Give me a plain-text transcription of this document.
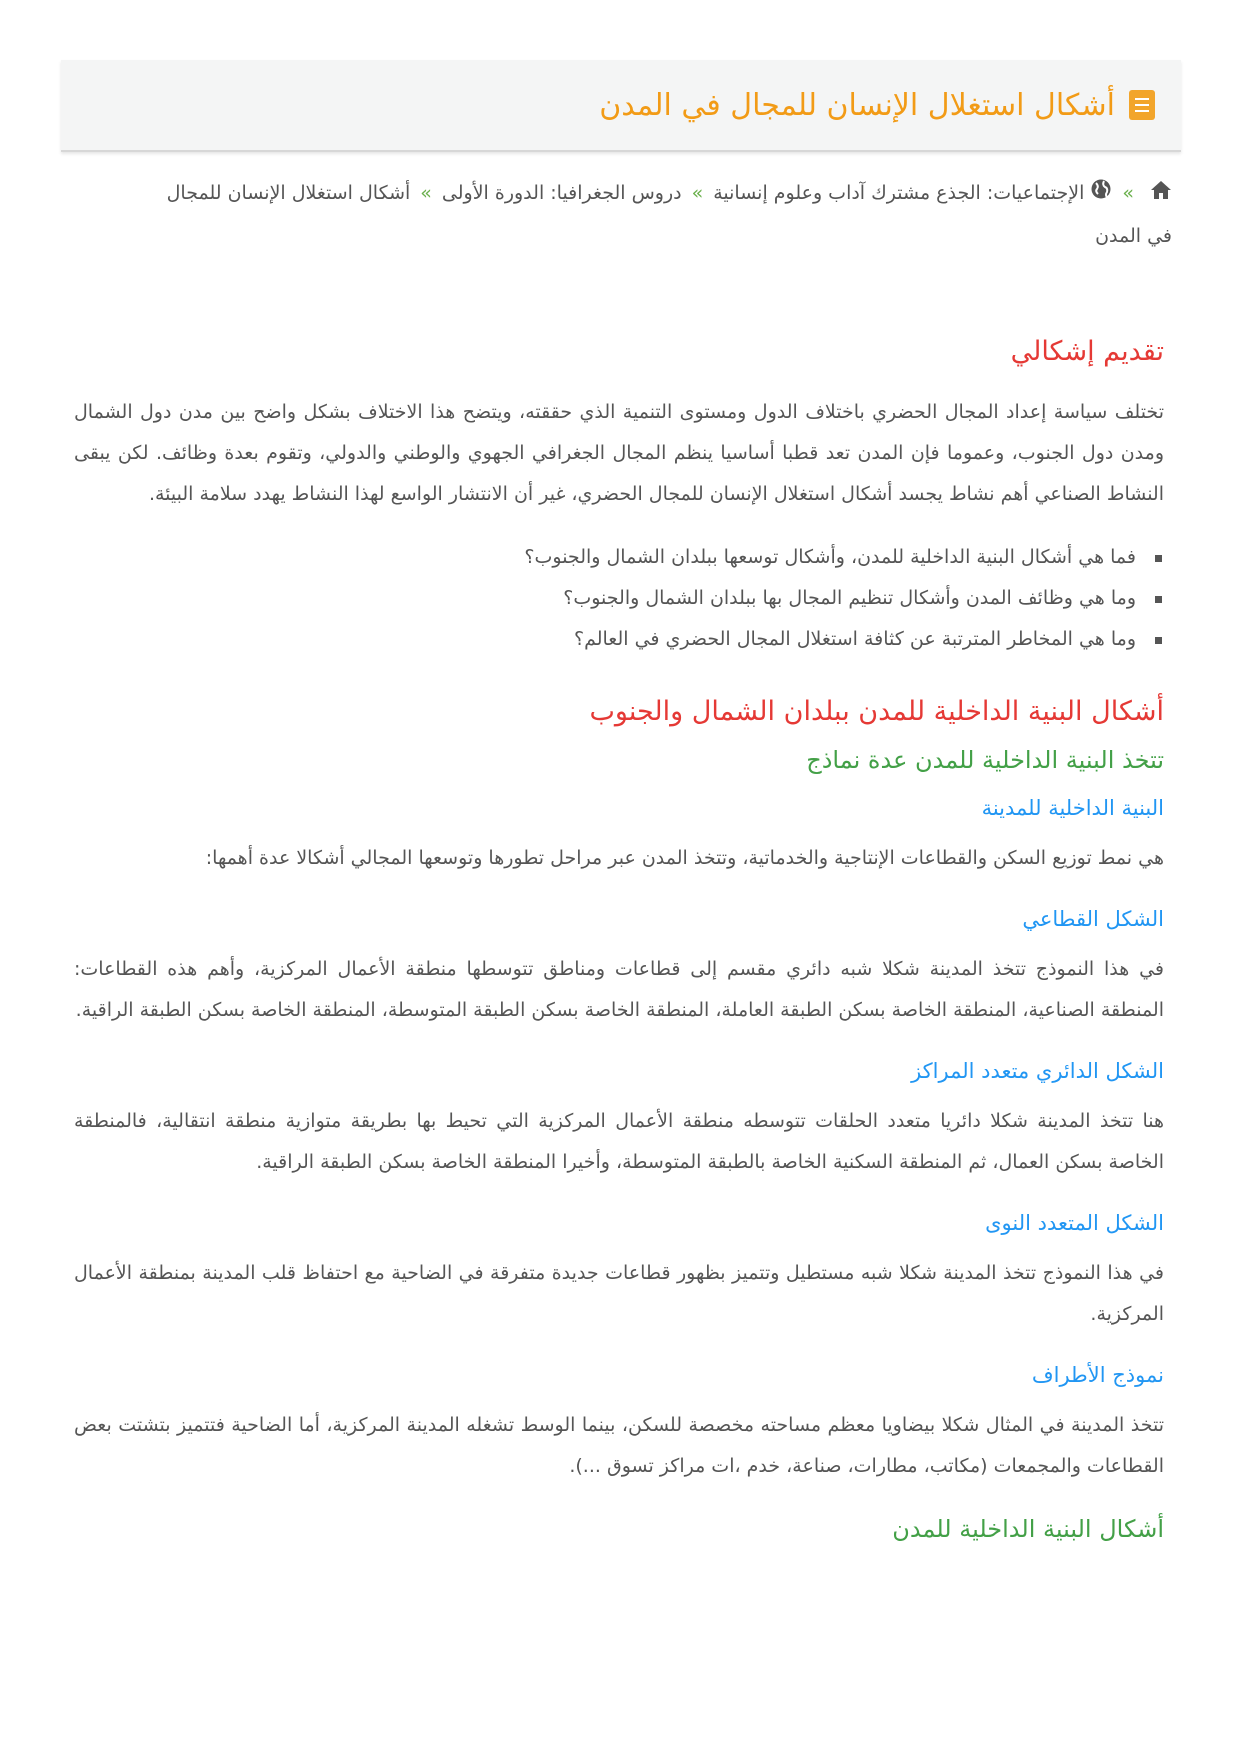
أشكال استغلال الإنسان للمجال في المدن
»الإجتماعيات: الجذع مشترك آداب وعلوم إنسانية»دروس الجغرافيا: الدورة الأولى»أشكال استغلال الإنسان للمجال في المدن
تقديم إشكالي

تختلف سياسة إعداد المجال الحضري باختلاف الدول ومستوى التنمية الذي حققته، ويتضح هذا الاختلاف بشكل واضح بين مدن دول الشمال ومدن دول الجنوب، وعموما فإن المدن تعد قطبا أساسيا ينظم المجال الجغرافي الجهوي والوطني والدولي، وتقوم بعدة وظائف. لكن يبقى النشاط الصناعي أهم نشاط يجسد أشكال استغلال الإنسان للمجال الحضري، غير أن الانتشار الواسع لهذا النشاط يهدد سلامة البيئة.

فما هي أشكال البنية الداخلية للمدن، وأشكال توسعها ببلدان الشمال والجنوب؟
وما هي وظائف المدن وأشكال تنظيم المجال بها ببلدان الشمال والجنوب؟
وما هي المخاطر المترتبة عن كثافة استغلال المجال الحضري في العالم؟
أشكال البنية الداخلية للمدن ببلدان الشمال والجنوب
تتخذ البنية الداخلية للمدن عدة نماذج
البنية الداخلية للمدينة

هي نمط توزيع السكن والقطاعات الإنتاجية والخدماتية، وتتخذ المدن عبر مراحل تطورها وتوسعها المجالي أشكالا عدة أهمها:

الشكل القطاعي

في هذا النموذج تتخذ المدينة شكلا شبه دائري مقسم إلى قطاعات ومناطق تتوسطها منطقة الأعمال المركزية، وأهم هذه القطاعات: المنطقة الصناعية، المنطقة الخاصة بسكن الطبقة العاملة، المنطقة الخاصة بسكن الطبقة المتوسطة، المنطقة الخاصة بسكن الطبقة الراقية.

الشكل الدائري متعدد المراكز

هنا تتخذ المدينة شكلا دائريا متعدد الحلقات تتوسطه منطقة الأعمال المركزية التي تحيط بها بطريقة متوازية منطقة انتقالية، فالمنطقة الخاصة بسكن العمال، ثم المنطقة السكنية الخاصة بالطبقة المتوسطة، وأخيرا المنطقة الخاصة بسكن الطبقة الراقية.

الشكل المتعدد النوى

في هذا النموذج تتخذ المدينة شكلا شبه مستطيل وتتميز بظهور قطاعات جديدة متفرقة في الضاحية مع احتفاظ قلب المدينة بمنطقة الأعمال المركزية.

نموذج الأطراف

تتخذ المدينة في المثال شكلا بيضاويا معظم مساحته مخصصة للسكن، بينما الوسط تشغله المدينة المركزية، أما الضاحية فتتميز بتشتت بعض القطاعات والمجمعات (مكاتب، مطارات، صناعة، خدم ،ات مراكز تسوق ...).

أشكال البنية الداخلية للمدن
